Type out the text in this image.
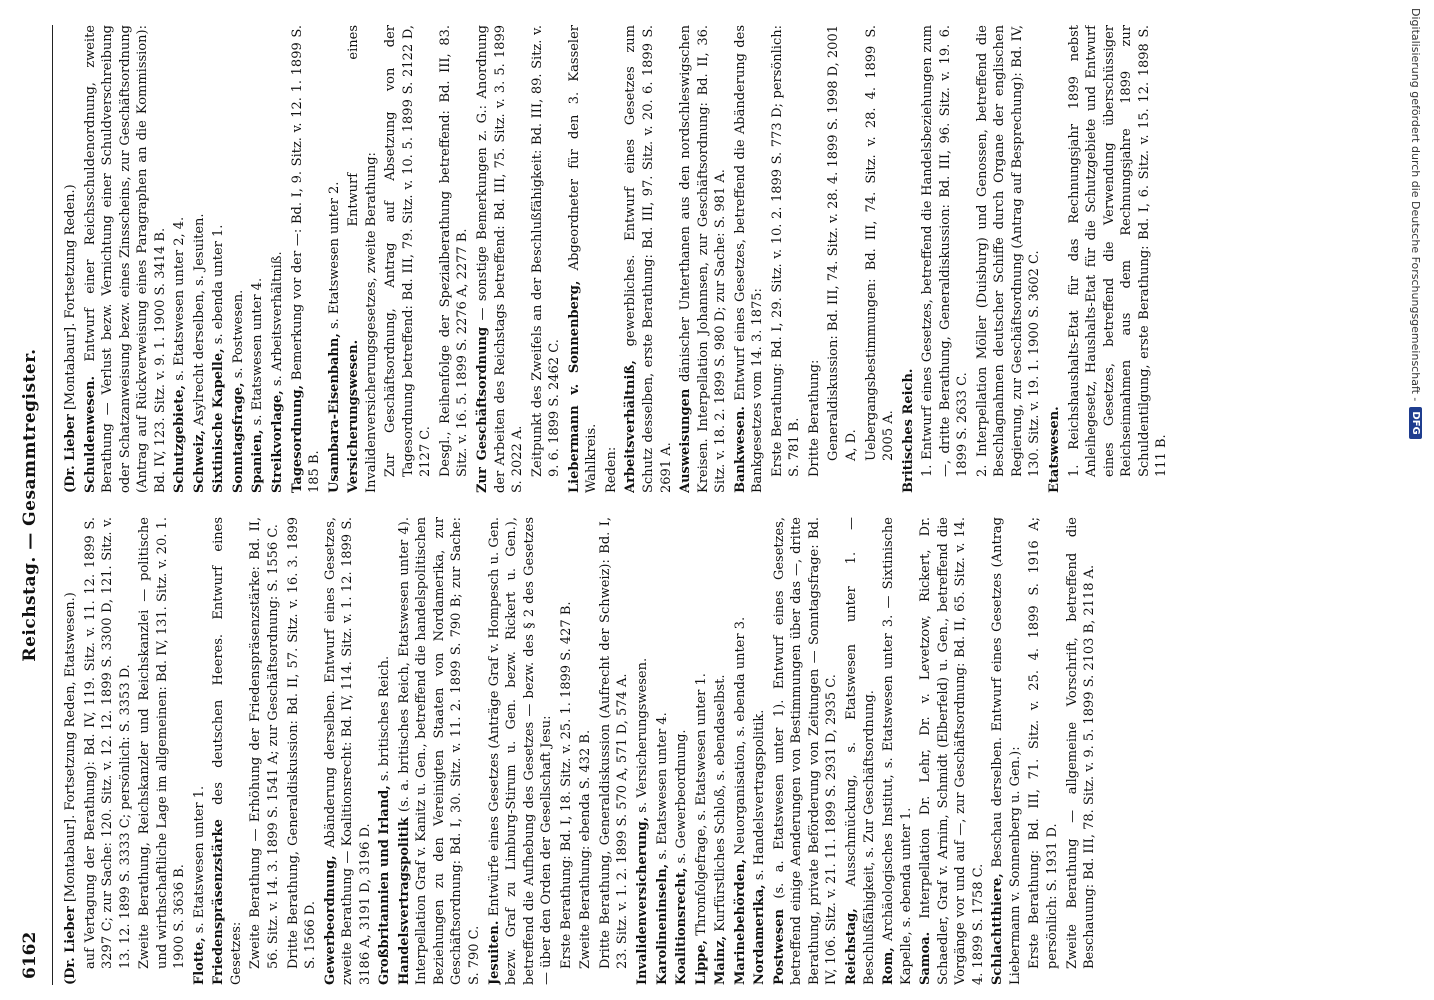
6162
Reichstag. — Gesammtregister.

(Dr. Lieber [Montabaur]. Fortsetzung Reden, Etatswesen.) auf Vertagung der Berathung): Bd. IV, 119. Sitz. v. 11. 12. 1899 S. 3297 C; zur Sache: 120. Sitz. v. 12. 12. 1899 S. 3300 D, 121. Sitz. v. 13. 12. 1899 S. 3333 C; persönlich: S. 3353 D. Zweite Berathung, Reichskanzler und Reichskanzlei — politische und wirthschaftliche Lage im allgemeinen: Bd. IV, 131. Sitz. v. 20. 1. 1900 S. 3636 B. Flotte, s. Etatswesen unter 1. Friedenspräsenzstärke des deutschen Heeres. Entwurf eines Gesetzes: Zweite Berathung — Erhöhung der Friedenspräsenzstärke: Bd. II, 56. Sitz. v. 14. 3. 1899 S. 1541 A; zur Geschäftsordnung: S. 1556 C. Dritte Berathung, Generaldiskussion: Bd. II, 57. Sitz. v. 16. 3. 1899 S. 1566 D. Gewerbeordnung, Abänderung derselben. Entwurf eines Gesetzes, zweite Berathung — Koalitionsrecht: Bd. IV, 114. Sitz. v. 1. 12. 1899 S. 3186 A, 3191 D, 3196 D. Großbritannien und Irland, s. britisches Reich.

Handelsvertragspolitik (s. a. britisches Reich, Etatswesen unter 4). Interpellation Graf v. Kanitz u. Gen., betreffend die handelspolitischen Beziehungen zu den Vereinigten Staaten von Nordamerika, zur Geschäftsordnung: Bd. I, 30. Sitz. v. 11. 2. 1899 S. 790 B; zur Sache: S. 790 C. Jesuiten. Entwürfe eines Gesetzes (Anträge Graf v. Hompesch u. Gen. bezw. Graf zu Limburg-Stirum u. Gen. bezw. Rickert u. Gen.), betreffend die Aufhebung des Gesetzes — bezw. des § 2 des Gesetzes — über den Orden der Gesellschaft Jesu: Erste Berathung: Bd. I, 18. Sitz. v. 25. 1. 1899 S. 427 B. Zweite Berathung: ebenda S. 432 B. Dritte Berathung, Generaldiskussion (Aufrecht der Schweiz): Bd. I, 23. Sitz. v. 1. 2. 1899 S. 570 A, 571 D, 574 A. Invalidenversicherung, s. Versicherungswesen.

Karolineninseln, s. Etatswesen unter 4.

Koalitionsrecht, s. Gewerbeordnung.

Lippe, Thronfolgefrage, s. Etatswesen unter 1.

Mainz, Kurfürstliches Schloß, s. ebendaselbst. Marinebehörden, Neuorganisation, s. ebenda unter 3.

Nordamerika, s. Handelsvertragspolitik.

Postwesen (s. a. Etatswesen unter 1). Entwurf eines Gesetzes, betreffend einige Aenderungen von Bestimmungen über das —, dritte Berathung, private Beförderung von Zeitungen — Sonntagsfrage: Bd. IV, 106. Sitz. v. 21. 11. 1899 S. 2931 D, 2935 C. Reichstag, Ausschmückung, s. Etatswesen unter 1. — Beschlußfähigkeit, s. Zur Geschäftsordnung. Rom, Archäologisches Institut, s. Etatswesen unter 3. — Sixtinische Kapelle, s. ebenda unter 1. Samoa. Interpellation Dr. Lehr, Dr. v. Levetzow, Rickert, Dr. Schaedler, Graf v. Arnim, Schmidt (Elberfeld) u. Gen., betreffend die Vorgänge vor und auf —, zur Geschäftsordnung: Bd. II, 65. Sitz. v. 14. 4. 1899 S. 1758 C. Schlachtthiere, Beschau derselben. Entwurf eines Gesetzes (Antrag Liebermann v. Sonnenberg u. Gen.): Erste Berathung: Bd. III, 71. Sitz. v. 25. 4. 1899 S. 1916 A; persönlich: S. 1931 D. Zweite Berathung — allgemeine Vorschrift, betreffend die Beschauung: Bd. III, 78. Sitz. v. 9. 5. 1899 S. 2103 B, 2118 A.

(Dr. Lieber [Montabaur]. Fortsetzung Reden.)

Schuldenwesen. Entwurf einer Reichsschuldenordnung, zweite Berathung — Verlust bezw. Vernichtung einer Schuldverschreibung oder Schatzanweisung bezw. eines Zinsscheins, zur Geschäftsordnung (Antrag auf Rückverweisung eines Paragraphen an die Kommission): Bd. IV, 123. Sitz. v. 9. 1. 1900 S. 3414 B. Schutzgebiete, s. Etatswesen unter 2, 4.

Schweiz, Asylrecht derselben, s. Jesuiten. Sixtinische Kapelle, s. ebenda unter 1.

Sonntagsfrage, s. Postwesen.

Spanien, s. Etatswesen unter 4.

Streikvorlage, s. Arbeitsverhältniß.

Tagesordnung, Bemerkung vor der —: Bd. I, 9. Sitz. v. 12. 1. 1899 S. 185 B. Usambara-Eisenbahn, s. Etatswesen unter 2.

Versicherungswesen. Entwurf eines Invalidenversicherungsgesetzes, zweite Berathung: Zur Geschäftsordnung, Antrag auf Absetzung von der Tagesordnung betreffend: Bd. III, 79. Sitz. v. 10. 5. 1899 S. 2122 D, 2127 C. Desgl., Reihenfolge der Spezialberathung betreffend: Bd. III, 83. Sitz. v. 16. 5. 1899 S. 2276 A, 2277 B. Zur Geschäftsordnung — sonstige Bemerkungen z. G.: Anordnung der Arbeiten des Reichstags betreffend: Bd. III, 75. Sitz. v. 3. 5. 1899 S. 2022 A. Zeitpunkt des Zweifels an der Beschlußfähigkeit: Bd. III, 89. Sitz. v. 9. 6. 1899 S. 2462 C. Liebermann v. Sonnenberg, Abgeordneter für den 3. Kasseler Wahlkreis. Reden: Arbeitsverhältniß, gewerbliches. Entwurf eines Gesetzes zum Schutz desselben, erste Berathung: Bd. III, 97. Sitz. v. 20. 6. 1899 S. 2691 A. Ausweisungen dänischer Unterthanen aus den nordschleswigschen Kreisen. Interpellation Johannsen, zur Geschäftsordnung: Bd. II, 36. Sitz. v. 18. 2. 1899 S. 980 D; zur Sache: S. 981 A. Bankwesen. Entwurf eines Gesetzes, betreffend die Abänderung des Bankgesetzes vom 14. 3. 1875: Erste Berathung: Bd. I, 29. Sitz. v. 10. 2. 1899 S. 773 D; persönlich: S. 781 B. Dritte Berathung: Generaldiskussion: Bd. III, 74. Sitz. v. 28. 4. 1899 S. 1998 D, 2001 A, D. Uebergangsbestimmungen: Bd. III, 74. Sitz. v. 28. 4. 1899 S. 2005 A. Britisches Reich. 1. Entwurf eines Gesetzes, betreffend die Handelsbeziehungen zum —, dritte Berathung, Generaldiskussion: Bd. III, 96. Sitz. v. 19. 6. 1899 S. 2633 C. 2. Interpellation Möller (Duisburg) und Genossen, betreffend die Beschlagnahmen deutscher Schiffe durch Organe der englischen Regierung, zur Geschäftsordnung (Antrag auf Besprechung): Bd. IV, 130. Sitz. v. 19. 1. 1900 S. 3602 C. Etatswesen. 1. Reichshaushalts-Etat für das Rechnungsjahr 1899 nebst Anleihegesetz, Haushalts-Etat für die Schutzgebiete und Entwurf eines Gesetzes, betreffend die Verwendung überschüssiger Reichseinnahmen aus dem Rechnungsjahre 1899 zur Schuldentilgung, erste Berathung: Bd. I, 6. Sitz. v. 15. 12. 1898 S. 111 B.

Digitalisierung gefördert durch die Deutsche Forschungsgemeinschaft -
DFG
